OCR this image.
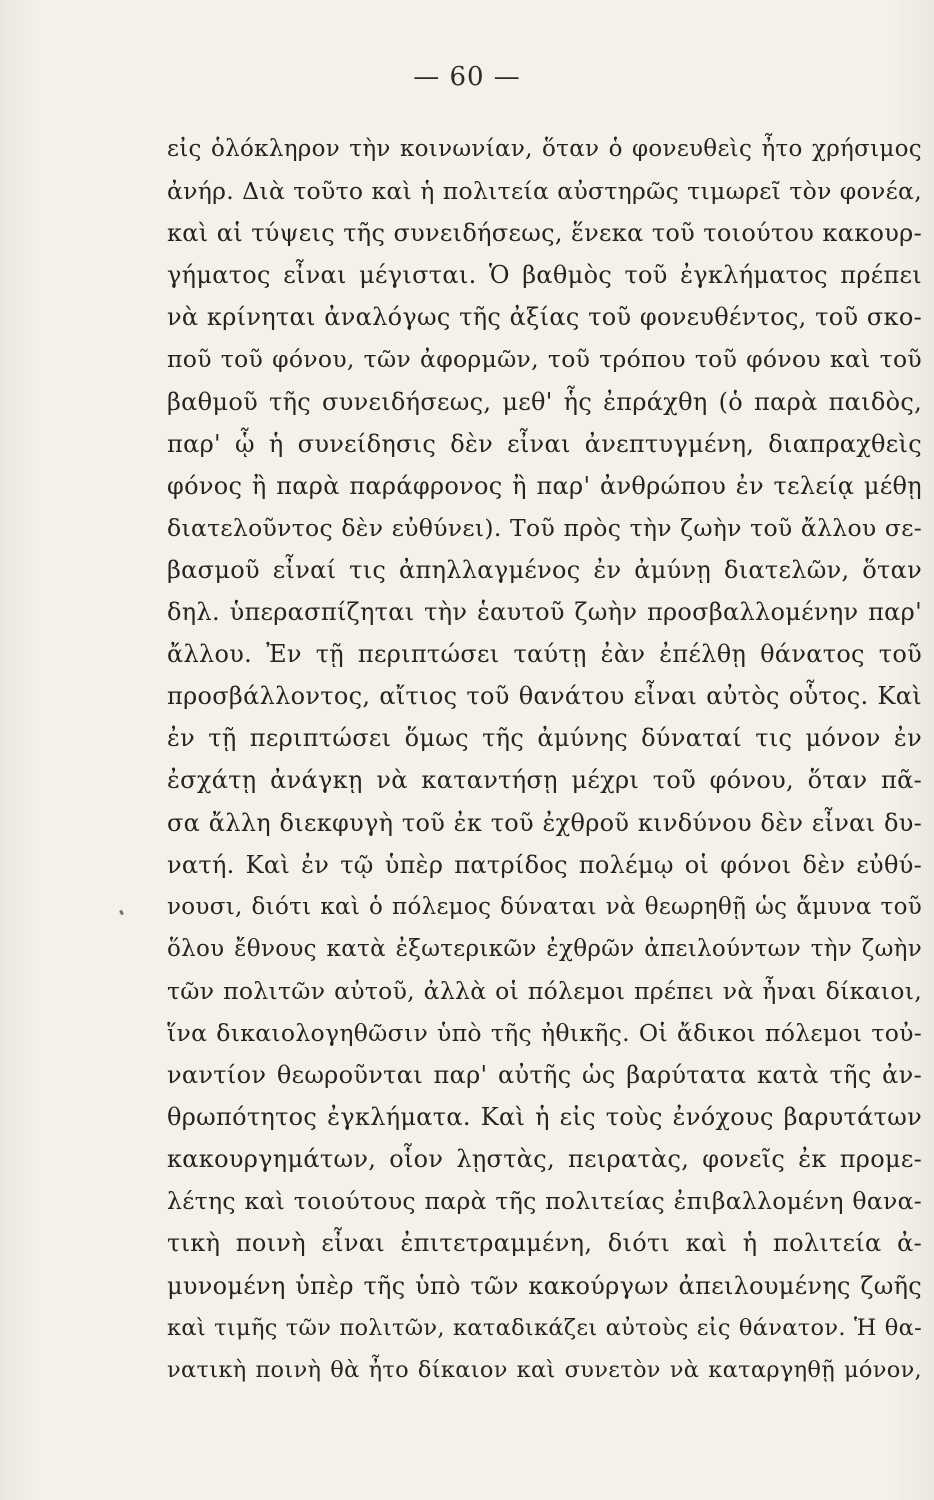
— 60 —
εἰς ὁλόκληρον τὴν κοινωνίαν, ὅταν ὁ φονευθεὶς ἦτο χρήσιμος
ἀνήρ. Διὰ τοῦτο καὶ ἡ πολιτεία αὐστηρῶς τιμωρεῖ τὸν φονέα,
καὶ αἱ τύψεις τῆς συνειδήσεως, ἕνεκα τοῦ τοιούτου κακουρ-
γήματος εἶναι μέγισται. Ὁ βαθμὸς τοῦ ἐγκλήματος πρέπει
νὰ κρίνηται ἀναλόγως τῆς ἀξίας τοῦ φονευθέντος, τοῦ σκο-
ποῦ τοῦ φόνου, τῶν ἀφορμῶν, τοῦ τρόπου τοῦ φόνου καὶ τοῦ
βαθμοῦ τῆς συνειδήσεως, μεθ' ἧς ἐπράχθη (ὁ παρὰ παιδὸς,
παρ' ᾧ ἡ συνείδησις δὲν εἶναι ἀνεπτυγμένη, διαπραχθεὶς
φόνος ἢ παρὰ παράφρονος ἢ παρ' ἀνθρώπου ἐν τελείᾳ μέθῃ
διατελοῦντος δὲν εὐθύνει). Τοῦ πρὸς τὴν ζωὴν τοῦ ἄλλου σε-
βασμοῦ εἶναί τις ἀπηλλαγμένος ἐν ἀμύνῃ διατελῶν, ὅταν
δηλ. ὑπερασπίζηται τὴν ἑαυτοῦ ζωὴν προσβαλλομένην παρ'
ἄλλου. Ἐν τῇ περιπτώσει ταύτῃ ἐὰν ἐπέλθῃ θάνατος τοῦ
προσβάλλοντος, αἴτιος τοῦ θανάτου εἶναι αὐτὸς οὗτος. Καὶ
ἐν τῇ περιπτώσει ὅμως τῆς ἀμύνης δύναταί τις μόνον ἐν
ἐσχάτῃ ἀνάγκῃ νὰ καταντήσῃ μέχρι τοῦ φόνου, ὅταν πᾶ-
σα ἄλλη διεκφυγὴ τοῦ ἐκ τοῦ ἐχθροῦ κινδύνου δὲν εἶναι δυ-
νατή. Καὶ ἐν τῷ ὑπὲρ πατρίδος πολέμῳ οἱ φόνοι δὲν εὐθύ-
νουσι, διότι καὶ ὁ πόλεμος δύναται νὰ θεωρηθῇ ὡς ἄμυνα τοῦ
ὅλου ἔθνους κατὰ ἐξωτερικῶν ἐχθρῶν ἀπειλούντων τὴν ζωὴν
τῶν πολιτῶν αὐτοῦ, ἀλλὰ οἱ πόλεμοι πρέπει νὰ ἦναι δίκαιοι,
ἵνα δικαιολογηθῶσιν ὑπὸ τῆς ἠθικῆς. Οἱ ἄδικοι πόλεμοι τοὐ-
ναντίον θεωροῦνται παρ' αὐτῆς ὡς βαρύτατα κατὰ τῆς ἀν-
θρωπότητος ἐγκλήματα. Καὶ ἡ εἰς τοὺς ἐνόχους βαρυτάτων
κακουργημάτων, οἷον λῃστὰς, πειρατὰς, φονεῖς ἐκ προμε-
λέτης καὶ τοιούτους παρὰ τῆς πολιτείας ἐπιβαλλομένη θανα-
τικὴ ποινὴ εἶναι ἐπιτετραμμένη, διότι καὶ ἡ πολιτεία ἀ-
μυνομένη ὑπὲρ τῆς ὑπὸ τῶν κακούργων ἀπειλουμένης ζωῆς
καὶ τιμῆς τῶν πολιτῶν, καταδικάζει αὐτοὺς εἰς θάνατον. Ἡ θα-
νατικὴ ποινὴ θὰ ἦτο δίκαιον καὶ συνετὸν νὰ καταργηθῇ μόνον,
